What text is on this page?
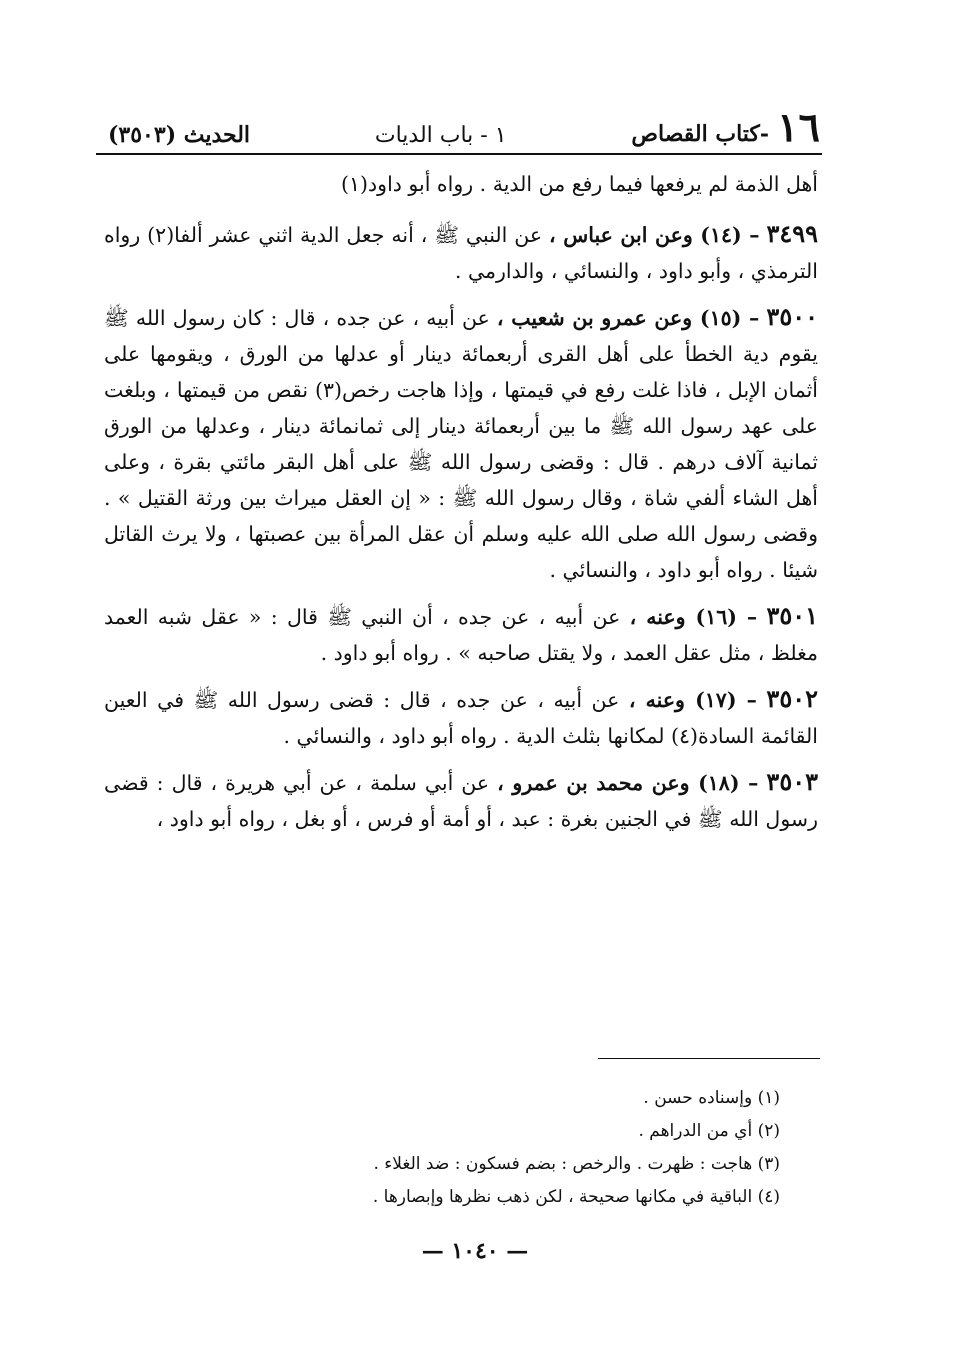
١٦
-كتاب القصاص
١ - باب الديات
الحديث (٣٥٠٣)

أهل الذمة لم يرفعها فيما رفع من الدية . رواه أبو داود(١)

٣٤٩٩ – (١٤) وعن ابن عباس ، عن النبي ﷺ ، أنه جعل الدية اثني عشر ألفا(٢) رواه الترمذي ، وأبو داود ، والنسائي ، والدارمي .

٣٥٠٠ – (١٥) وعن عمرو بن شعيب ، عن أبيه ، عن جده ، قال : كان رسول الله ﷺ يقوم دية الخطأ على أهل القرى أربعمائة دينار أو عدلها من الورق ، ويقومها على أثمان الإبل ، فاذا غلت رفع في قيمتها ، وإذا هاجت رخص(٣) نقص من قيمتها ، وبلغت على عهد رسول الله ﷺ ما بين أربعمائة دينار إلى ثمانمائة دينار ، وعدلها من الورق ثمانية آلاف درهم . قال : وقضى رسول الله ﷺ على أهل البقر مائتي بقرة ، وعلى أهل الشاء ألفي شاة ، وقال رسول الله ﷺ : « إن العقل ميراث بين ورثة القتيل » . وقضى رسول الله صلى الله عليه وسلم أن عقل المرأة بين عصبتها ، ولا يرث القاتل شيئا . رواه أبو داود ، والنسائي .

٣٥٠١ – (١٦) وعنه ، عن أبيه ، عن جده ، أن النبي ﷺ قال : « عقل شبه العمد مغلظ ، مثل عقل العمد ، ولا يقتل صاحبه » . رواه أبو داود .

٣٥٠٢ – (١٧) وعنه ، عن أبيه ، عن جده ، قال : قضى رسول الله ﷺ في العين القائمة السادة(٤) لمكانها بثلث الدية . رواه أبو داود ، والنسائي .

٣٥٠٣ – (١٨) وعن محمد بن عمرو ، عن أبي سلمة ، عن أبي هريرة ، قال : قضى رسول الله ﷺ في الجنين بغرة : عبد ، أو أمة أو فرس ، أو بغل ، رواه أبو داود ،

(١) وإسناده حسن .
(٢) أي من الدراهم .
(٣) هاجت : ظهرت . والرخص : بضم فسكون : ضد الغلاء .
(٤) الباقية في مكانها صحيحة ، لكن ذهب نظرها وإبصارها .
— ١٠٤٠ —
